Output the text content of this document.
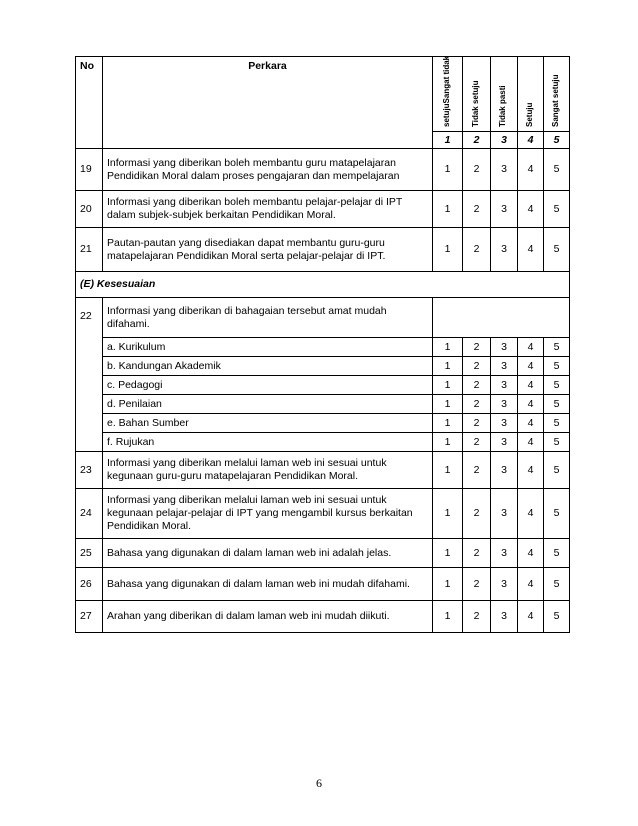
No	Perkara	setujuSangat tidak	Tidak setuju	Tidak pasti	Setuju	Sangat setuju

		1	2	3	4	5
19	Informasi yang diberikan boleh membantu guru matapelajaran Pendidikan Moral dalam proses pengajaran dan mempelajaran	1	2	3	4	5
20	Informasi yang diberikan boleh membantu pelajar-pelajar di IPT dalam subjek-subjek berkaitan Pendidikan Moral.	1	2	3	4	5
21	Pautan-pautan yang disediakan dapat membantu guru-guru matapelajaran Pendidikan Moral serta pelajar-pelajar di IPT.	1	2	3	4	5
(E) Kesesuaian						
22	Informasi yang diberikan di bahagaian tersebut amat mudah difahami.					
	a. Kurikulum	1	2	3	4	5
	b. Kandungan Akademik	1	2	3	4	5
	c. Pedagogi	1	2	3	4	5
	d. Penilaian	1	2	3	4	5
	e. Bahan Sumber	1	2	3	4	5
	f. Rujukan	1	2	3	4	5
23	Informasi yang diberikan melalui laman web ini sesuai untuk kegunaan guru-guru matapelajaran Pendidikan Moral.	1	2	3	4	5
24	Informasi yang diberikan melalui laman web ini sesuai untuk kegunaan pelajar-pelajar di IPT yang mengambil kursus berkaitan Pendidikan Moral.	1	2	3	4	5
25	Bahasa yang digunakan di dalam laman web ini adalah jelas.	1	2	3	4	5
26	Bahasa yang digunakan di dalam laman web ini mudah difahami.	1	2	3	4	5
27	Arahan yang diberikan di dalam laman web ini mudah diikuti.	1	2	3	4	5
6
